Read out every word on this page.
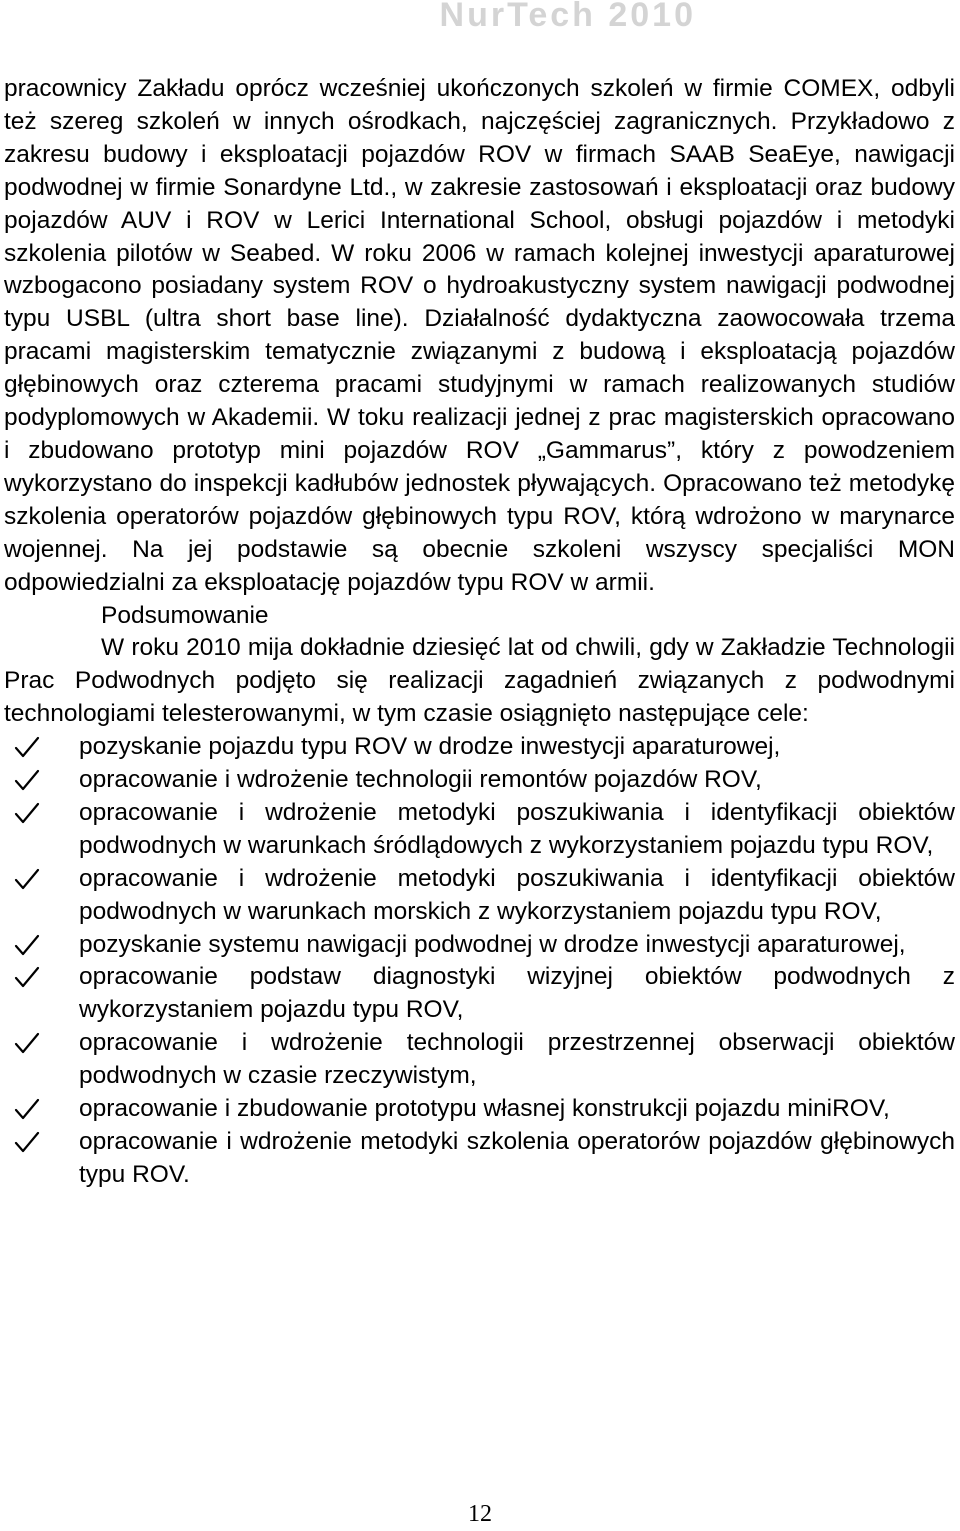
NurTech 2010

pracownicy Zakładu oprócz wcześniej ukończonych szkoleń w firmie COMEX, odbyli też szereg szkoleń w innych ośrodkach, najczęściej zagranicznych. Przykładowo z zakresu budowy i eksploatacji pojazdów ROV w firmach SAAB SeaEye, nawigacji podwodnej w firmie Sonardyne Ltd., w zakresie zastosowań i eksploatacji oraz budowy pojazdów AUV i ROV w Lerici International School, obsługi pojazdów i metodyki szkolenia pilotów w Seabed. W roku 2006 w ramach kolejnej inwestycji aparaturowej wzbogacono posiadany system ROV o hydroakustyczny system nawigacji podwodnej typu USBL (ultra short base line). Działalność dydaktyczna zaowocowała trzema pracami magisterskim tematycznie związanymi z budową i eksploatacją pojazdów głębinowych oraz czterema pracami studyjnymi w ramach realizowanych studiów podyplomowych w Akademii. W toku realizacji jednej z prac magisterskich opracowano i zbudowano prototyp mini pojazdów ROV „Gammarus”, który z powodzeniem wykorzystano do inspekcji kadłubów jednostek pływających. Opracowano też metodykę szkolenia operatorów pojazdów głębinowych typu ROV, którą wdrożono w marynarce wojennej. Na jej podstawie są obecnie szkoleni wszyscy specjaliści MON odpowiedzialni za eksploatację pojazdów typu ROV w armii.

Podsumowanie

W roku 2010 mija dokładnie dziesięć lat od chwili, gdy w Zakładzie Technologii Prac Podwodnych podjęto się realizacji zagadnień związanych z podwodnymi technologiami telesterowanymi, w tym czasie osiągnięto następujące cele:

pozyskanie pojazdu typu ROV w drodze inwestycji aparaturowej,
opracowanie i wdrożenie technologii remontów pojazdów ROV,
opracowanie i wdrożenie metodyki poszukiwania i identyfikacji obiektów podwodnych w warunkach śródlądowych z wykorzystaniem pojazdu typu ROV,
opracowanie i wdrożenie metodyki poszukiwania i identyfikacji obiektów podwodnych w warunkach morskich z wykorzystaniem pojazdu typu ROV,
pozyskanie systemu nawigacji podwodnej w drodze inwestycji aparaturowej,
opracowanie podstaw diagnostyki wizyjnej obiektów podwodnych z wykorzystaniem pojazdu typu ROV,
opracowanie i wdrożenie technologii przestrzennej obserwacji obiektów podwodnych w czasie rzeczywistym,
opracowanie i zbudowanie prototypu własnej konstrukcji pojazdu miniROV,
opracowanie i wdrożenie metodyki szkolenia operatorów pojazdów głębinowych typu ROV.
12
